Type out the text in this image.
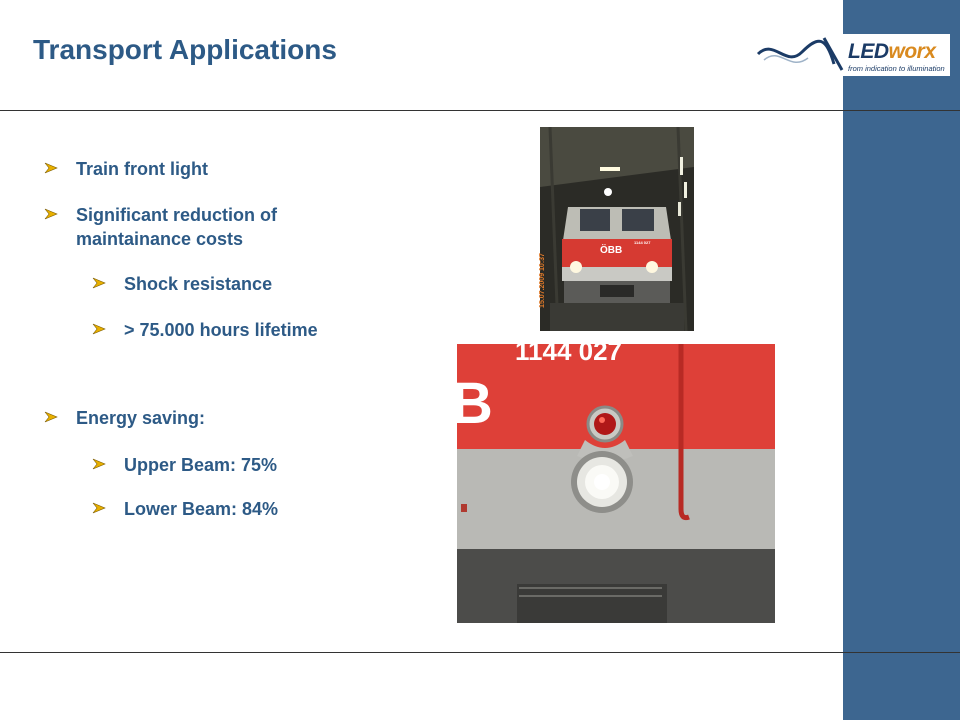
Transport Applications	LEDworx
from indication to illumination
Train front light
Significant reduction of maintainance costs
Shock resistance
> 75.000 hours lifetime
Energy saving:
Upper Beam: 75%
Lower Beam: 84%
ÖBB
1144 027
15.07.2009 10:37
1144 027
B
